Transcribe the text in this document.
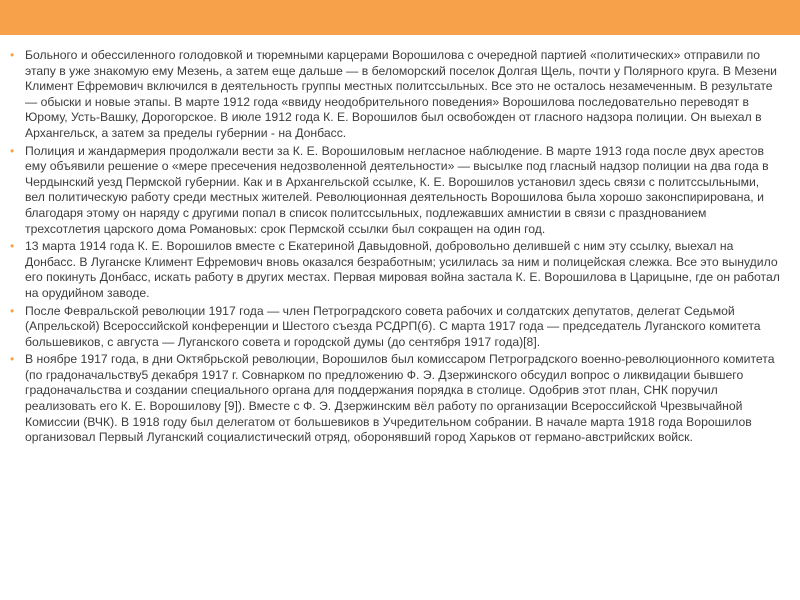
• Больного и обессиленного голодовкой и тюремными карцерами Ворошилова с очередной партией «политических» отправили по этапу в уже знакомую ему Мезень, а затем еще дальше — в беломорский поселок Долгая Щель, почти у Полярного круга. В Мезени Климент Ефремович включился в деятельность группы местных политссыльных. Все это не осталось незамеченным. В результате — обыски и новые этапы. В марте 1912 года «ввиду неодобрительного поведения» Ворошилова последовательно переводят в Юрому, Усть-Вашку, Дорогорское. В июле 1912 года К. Е. Ворошилов был освобожден от гласного надзора полиции. Он выехал в Архангельск, а затем за пределы губернии - на Донбасс.
• Полиция и жандармерия продолжали вести за К. Е. Ворошиловым негласное наблюдение. В марте 1913 года после двух арестов ему объявили решение о «мере пресечения недозволенной деятельности» — высылке под гласный надзор полиции на два года в Чердынский уезд Пермской губернии. Как и в Архангельской ссылке, К. Е. Ворошилов установил здесь связи с политссыльными, вел политическую работу среди местных жителей. Революционная деятельность Ворошилова была хорошо законспирирована, и благодаря этому он наряду с другими попал в список политссыльных, подлежавших амнистии в связи с празднованием трехсотлетия царского дома Романовых: срок Пермской ссылки был сокращен на один год.
• 13 марта 1914 года К. Е. Ворошилов вместе с Екатериной Давыдовной, добровольно делившей с ним эту ссылку, выехал на Донбасс. В Луганске Климент Ефремович вновь оказался безработным; усилилась за ним и полицейская слежка. Все это вынудило его покинуть Донбасс, искать работу в других местах. Первая мировая война застала К. Е. Ворошилова в Царицыне, где он работал на орудийном заводе.
• После Февральской революции 1917 года — член Петроградского совета рабочих и солдатских депутатов, делегат Седьмой (Апрельской) Всероссийской конференции и Шестого съезда РСДРП(б). С марта 1917 года — председатель Луганского комитета большевиков, с августа — Луганского совета и городской думы (до сентября 1917 года)[8].
• В ноябре 1917 года, в дни Октябрьской революции, Ворошилов был комиссаром Петроградского военно-революционного комитета (по градоначальству5 декабря 1917 г. Совнарком по предложению Ф. Э. Дзержинского обсудил вопрос о ликвидации бывшего градоначальства и создании специального органа для поддержания порядка в столице. Одобрив этот план, СНК поручил реализовать его К. Е. Ворошилову [9]). Вместе с Ф. Э. Дзержинским вёл работу по организации Всероссийской Чрезвычайной Комиссии (ВЧК). В 1918 году был делегатом от большевиков в Учредительном собрании. В начале марта 1918 года Ворошилов организовал Первый Луганский социалистический отряд, оборонявший город Харьков от германо-австрийских войск.
